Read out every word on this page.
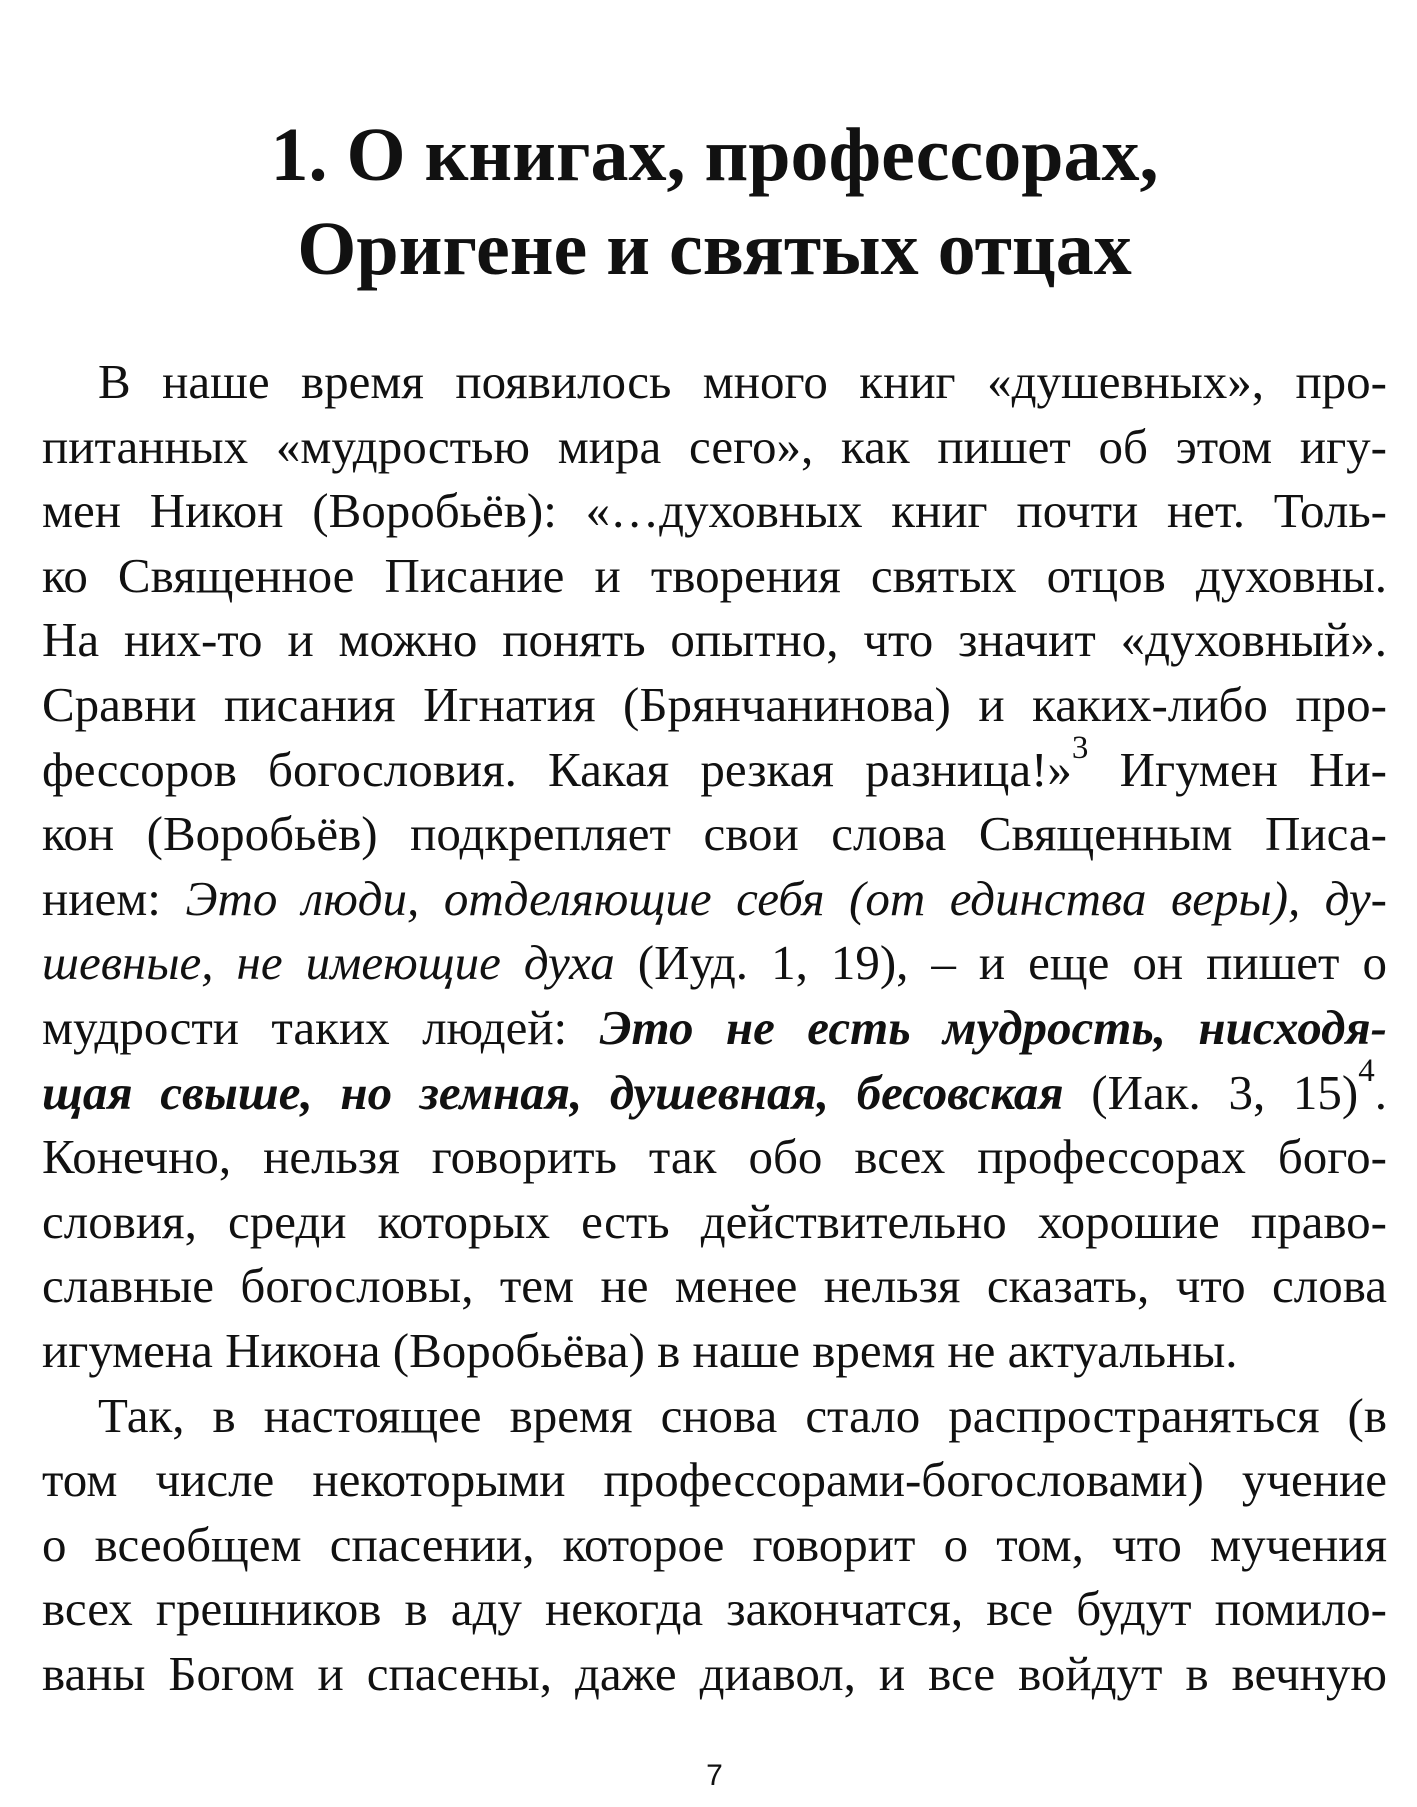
1. О книгах, профессорах,
Оригене и святых отцах

В наше время появилось много книг «душевных», про-
питанных «мудростью мира сего», как пишет об этом игу-
мен Никон (Воробьёв): «…духовных книг почти нет. Толь-
ко Священное Писание и творения святых отцов духовны.
На них-то и можно понять опытно, что значит «духовный».
Сравни писания Игнатия (Брянчанинова) и каких-либо про-
фессоров богословия. Какая резкая разница!»$^3$ Игумен Ни-
кон (Воробьёв) подкрепляет свои слова Священным Писа-
нием: Это люди, отделяющие себя (от единства веры), ду-
шевные, не имеющие духа (Иуд. 1, 19), – и еще он пишет о
мудрости таких людей: Это не есть мудрость, нисходя-
щая свыше, но земная, душевная, бесовская (Иак. 3, 15)$^4$.
Конечно, нельзя говорить так обо всех профессорах бого-
словия, среди которых есть действительно хорошие право-
славные богословы, тем не менее нельзя сказать, что слова
игумена Никона (Воробьёва) в наше время не актуальны.

Так, в настоящее время снова стало распространяться (в
том числе некоторыми профессорами-богословами) учение
о всеобщем спасении, которое говорит о том, что мучения
всех грешников в аду некогда закончатся, все будут помило-
ваны Богом и спасены, даже диавол, и все войдут в вечную

7
